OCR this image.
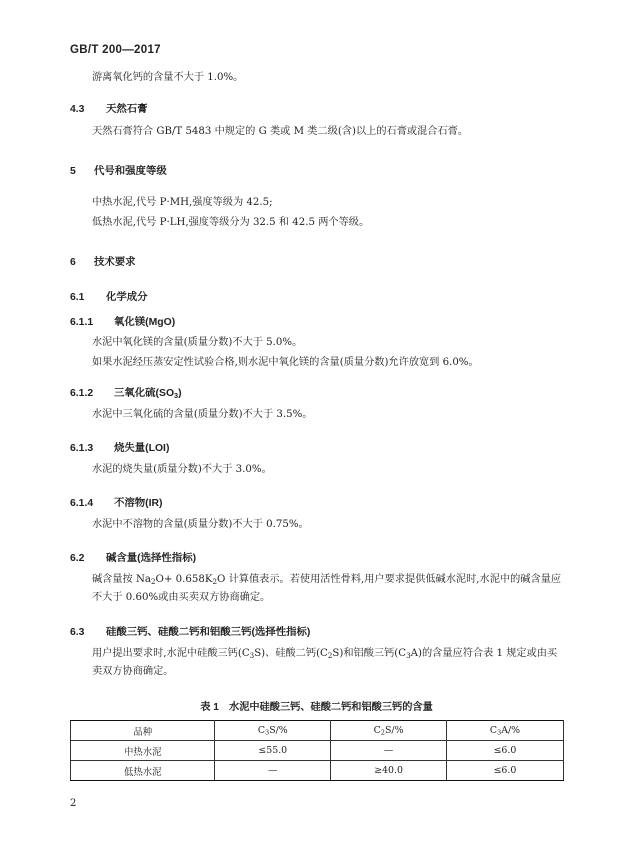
GB/T 200—2017
游离氧化钙的含量不大于 1.0%。
4.3 天然石膏
天然石膏符合 GB/T 5483 中规定的 G 类或 M 类二级(含)以上的石膏或混合石膏。
5 代号和强度等级
中热水泥,代号 P·MH,强度等级为 42.5;
低热水泥,代号 P·LH,强度等级分为 32.5 和 42.5 两个等级。
6 技术要求
6.1 化学成分
6.1.1 氧化镁(MgO)
水泥中氧化镁的含量(质量分数)不大于 5.0%。
如果水泥经压蒸安定性试验合格,则水泥中氧化镁的含量(质量分数)允许放宽到 6.0%。
6.1.2 三氧化硫$(SO_3)$
水泥中三氧化硫的含量(质量分数)不大于 3.5%。
6.1.3 烧失量(LOI)
水泥的烧失量(质量分数)不大于 3.0%。
6.1.4 不溶物(IR)
水泥中不溶物的含量(质量分数)不大于 0.75%。
6.2 碱含量(选择性指标)
碱含量按 $Na_2O+ 0.658K_2O$ 计算值表示。若使用活性骨料,用户要求提供低碱水泥时,水泥中的碱含量应不大于 0.60%或由买卖双方协商确定。
6.3 硅酸三钙、硅酸二钙和铝酸三钙(选择性指标)
用户提出要求时,水泥中硅酸三钙$(C_3S)$、硅酸二钙$(C_2S)$和铝酸三钙$(C_3A)$的含量应符合表 1 规定或由买卖双方协商确定。
表 1　水泥中硅酸三钙、硅酸二钙和铝酸三钙的含量
品种	$C_3S/\%$	$C_2S/\%$	$C_3A/\%$
中热水泥	≤55.0	—	≤6.0
低热水泥	—	≥40.0	≤6.0
2
